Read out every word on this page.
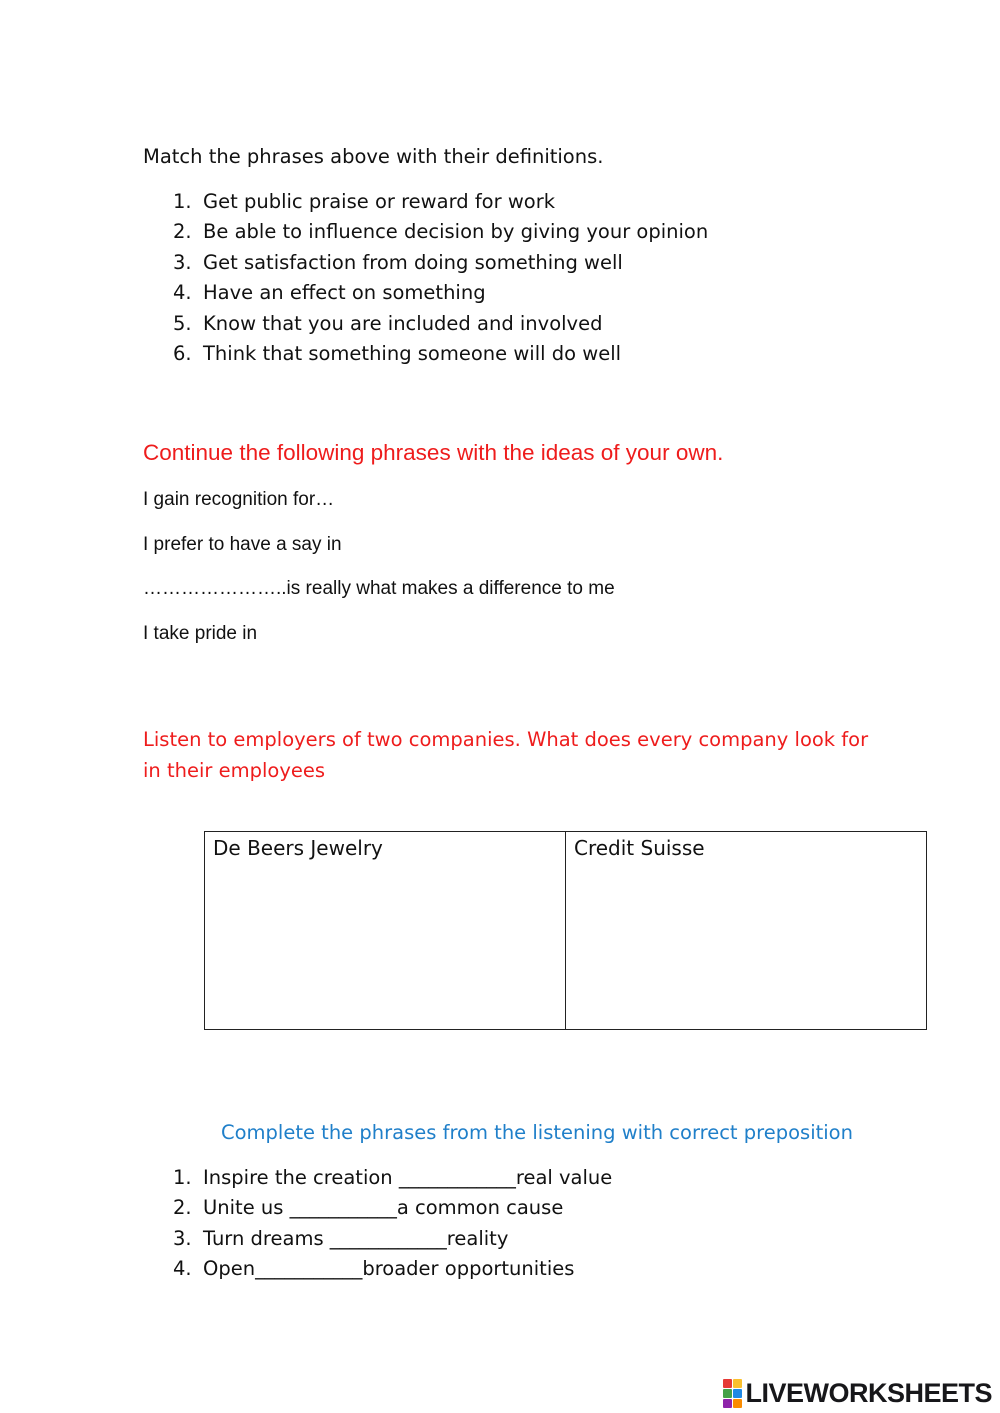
Match the phrases above with their definitions.
1. Get public praise or reward for work
2. Be able to influence decision by giving your opinion
3. Get satisfaction from doing something well
4. Have an effect on something
5. Know that you are included and involved
6. Think that something someone will do well
Continue the following phrases with the ideas of your own.
I gain recognition for…
I prefer to have a say in
…………………..is really what makes a difference to me
I take pride in
Listen to employers of two companies. What does every company look for
in their employees
De Beers Jewelry	Credit Suisse
Complete the phrases from the listening with correct preposition
1. Inspire the creation ____________real value
2. Unite us ___________a common cause
3. Turn dreams ____________reality
4. Open___________broader opportunities
LIVEWORKSHEETS
